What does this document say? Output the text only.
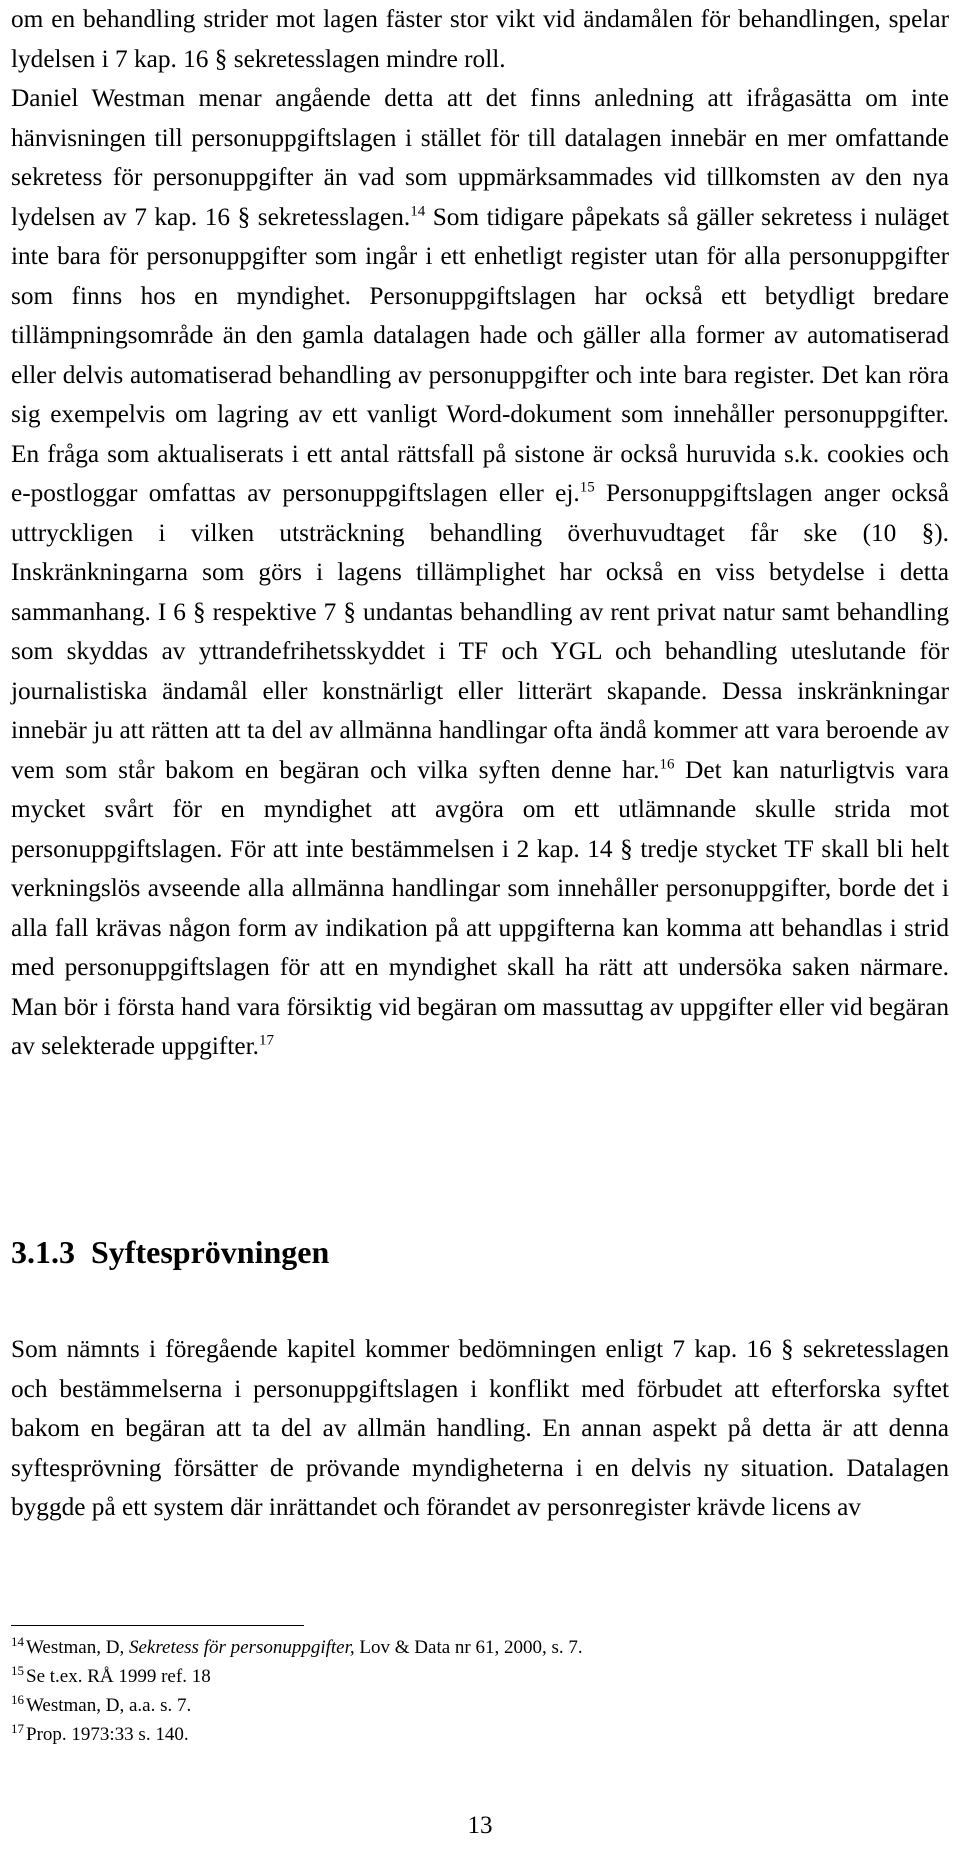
om en behandling strider mot lagen fäster stor vikt vid ändamålen för behandlingen, spelar lydelsen i 7 kap. 16 § sekretesslagen mindre roll.

Daniel Westman menar angående detta att det finns anledning att ifrågasätta om inte hänvisningen till personuppgiftslagen i stället för till datalagen innebär en mer omfattande sekretess för personuppgifter än vad som uppmärksammades vid tillkomsten av den nya lydelsen av 7 kap. 16 § sekretesslagen.$^{14}$ Som tidigare påpekats så gäller sekretess i nuläget inte bara för personuppgifter som ingår i ett enhetligt register utan för alla personuppgifter som finns hos en myndighet. Personuppgiftslagen har också ett betydligt bredare tillämpningsområde än den gamla datalagen hade och gäller alla former av automatiserad eller delvis automatiserad behandling av personuppgifter och inte bara register. Det kan röra sig exempelvis om lagring av ett vanligt Word-dokument som innehåller personuppgifter. En fråga som aktualiserats i ett antal rättsfall på sistone är också huruvida s.k. cookies och e-postloggar omfattas av personuppgiftslagen eller ej.$^{15}$ Personuppgiftslagen anger också uttryckligen i vilken utsträckning behandling överhuvudtaget får ske (10 §). Inskränkningarna som görs i lagens tillämplighet har också en viss betydelse i detta sammanhang. I 6 § respektive 7 § undantas behandling av rent privat natur samt behandling som skyddas av yttrandefrihetsskyddet i TF och YGL och behandling uteslutande för journalistiska ändamål eller konstnärligt eller litterärt skapande. Dessa inskränkningar innebär ju att rätten att ta del av allmänna handlingar ofta ändå kommer att vara beroende av vem som står bakom en begäran och vilka syften denne har.$^{16}$ Det kan naturligtvis vara mycket svårt för en myndighet att avgöra om ett utlämnande skulle strida mot personuppgiftslagen. För att inte bestämmelsen i 2 kap. 14 § tredje stycket TF skall bli helt verkningslös avseende alla allmänna handlingar som innehåller personuppgifter, borde det i alla fall krävas någon form av indikation på att uppgifterna kan komma att behandlas i strid med personuppgiftslagen för att en myndighet skall ha rätt att undersöka saken närmare. Man bör i första hand vara försiktig vid begäran om massuttag av uppgifter eller vid begäran av selekterade uppgifter.$^{17}$

3.1.3 Syftesprövningen

Som nämnts i föregående kapitel kommer bedömningen enligt 7 kap. 16 § sekretesslagen och bestämmelserna i personuppgiftslagen i konflikt med förbudet att efterforska syftet bakom en begäran att ta del av allmän handling. En annan aspekt på detta är att denna syftesprövning försätter de prövande myndigheterna i en delvis ny situation. Datalagen byggde på ett system där inrättandet och förandet av personregister krävde licens av

$^{14}$ Westman, D, Sekretess för personuppgifter, Lov & Data nr 61, 2000, s. 7.

$^{15}$ Se t.ex. RÅ 1999 ref. 18

$^{16}$ Westman, D, a.a. s. 7.

$^{17}$ Prop. 1973:33 s. 140.

13
